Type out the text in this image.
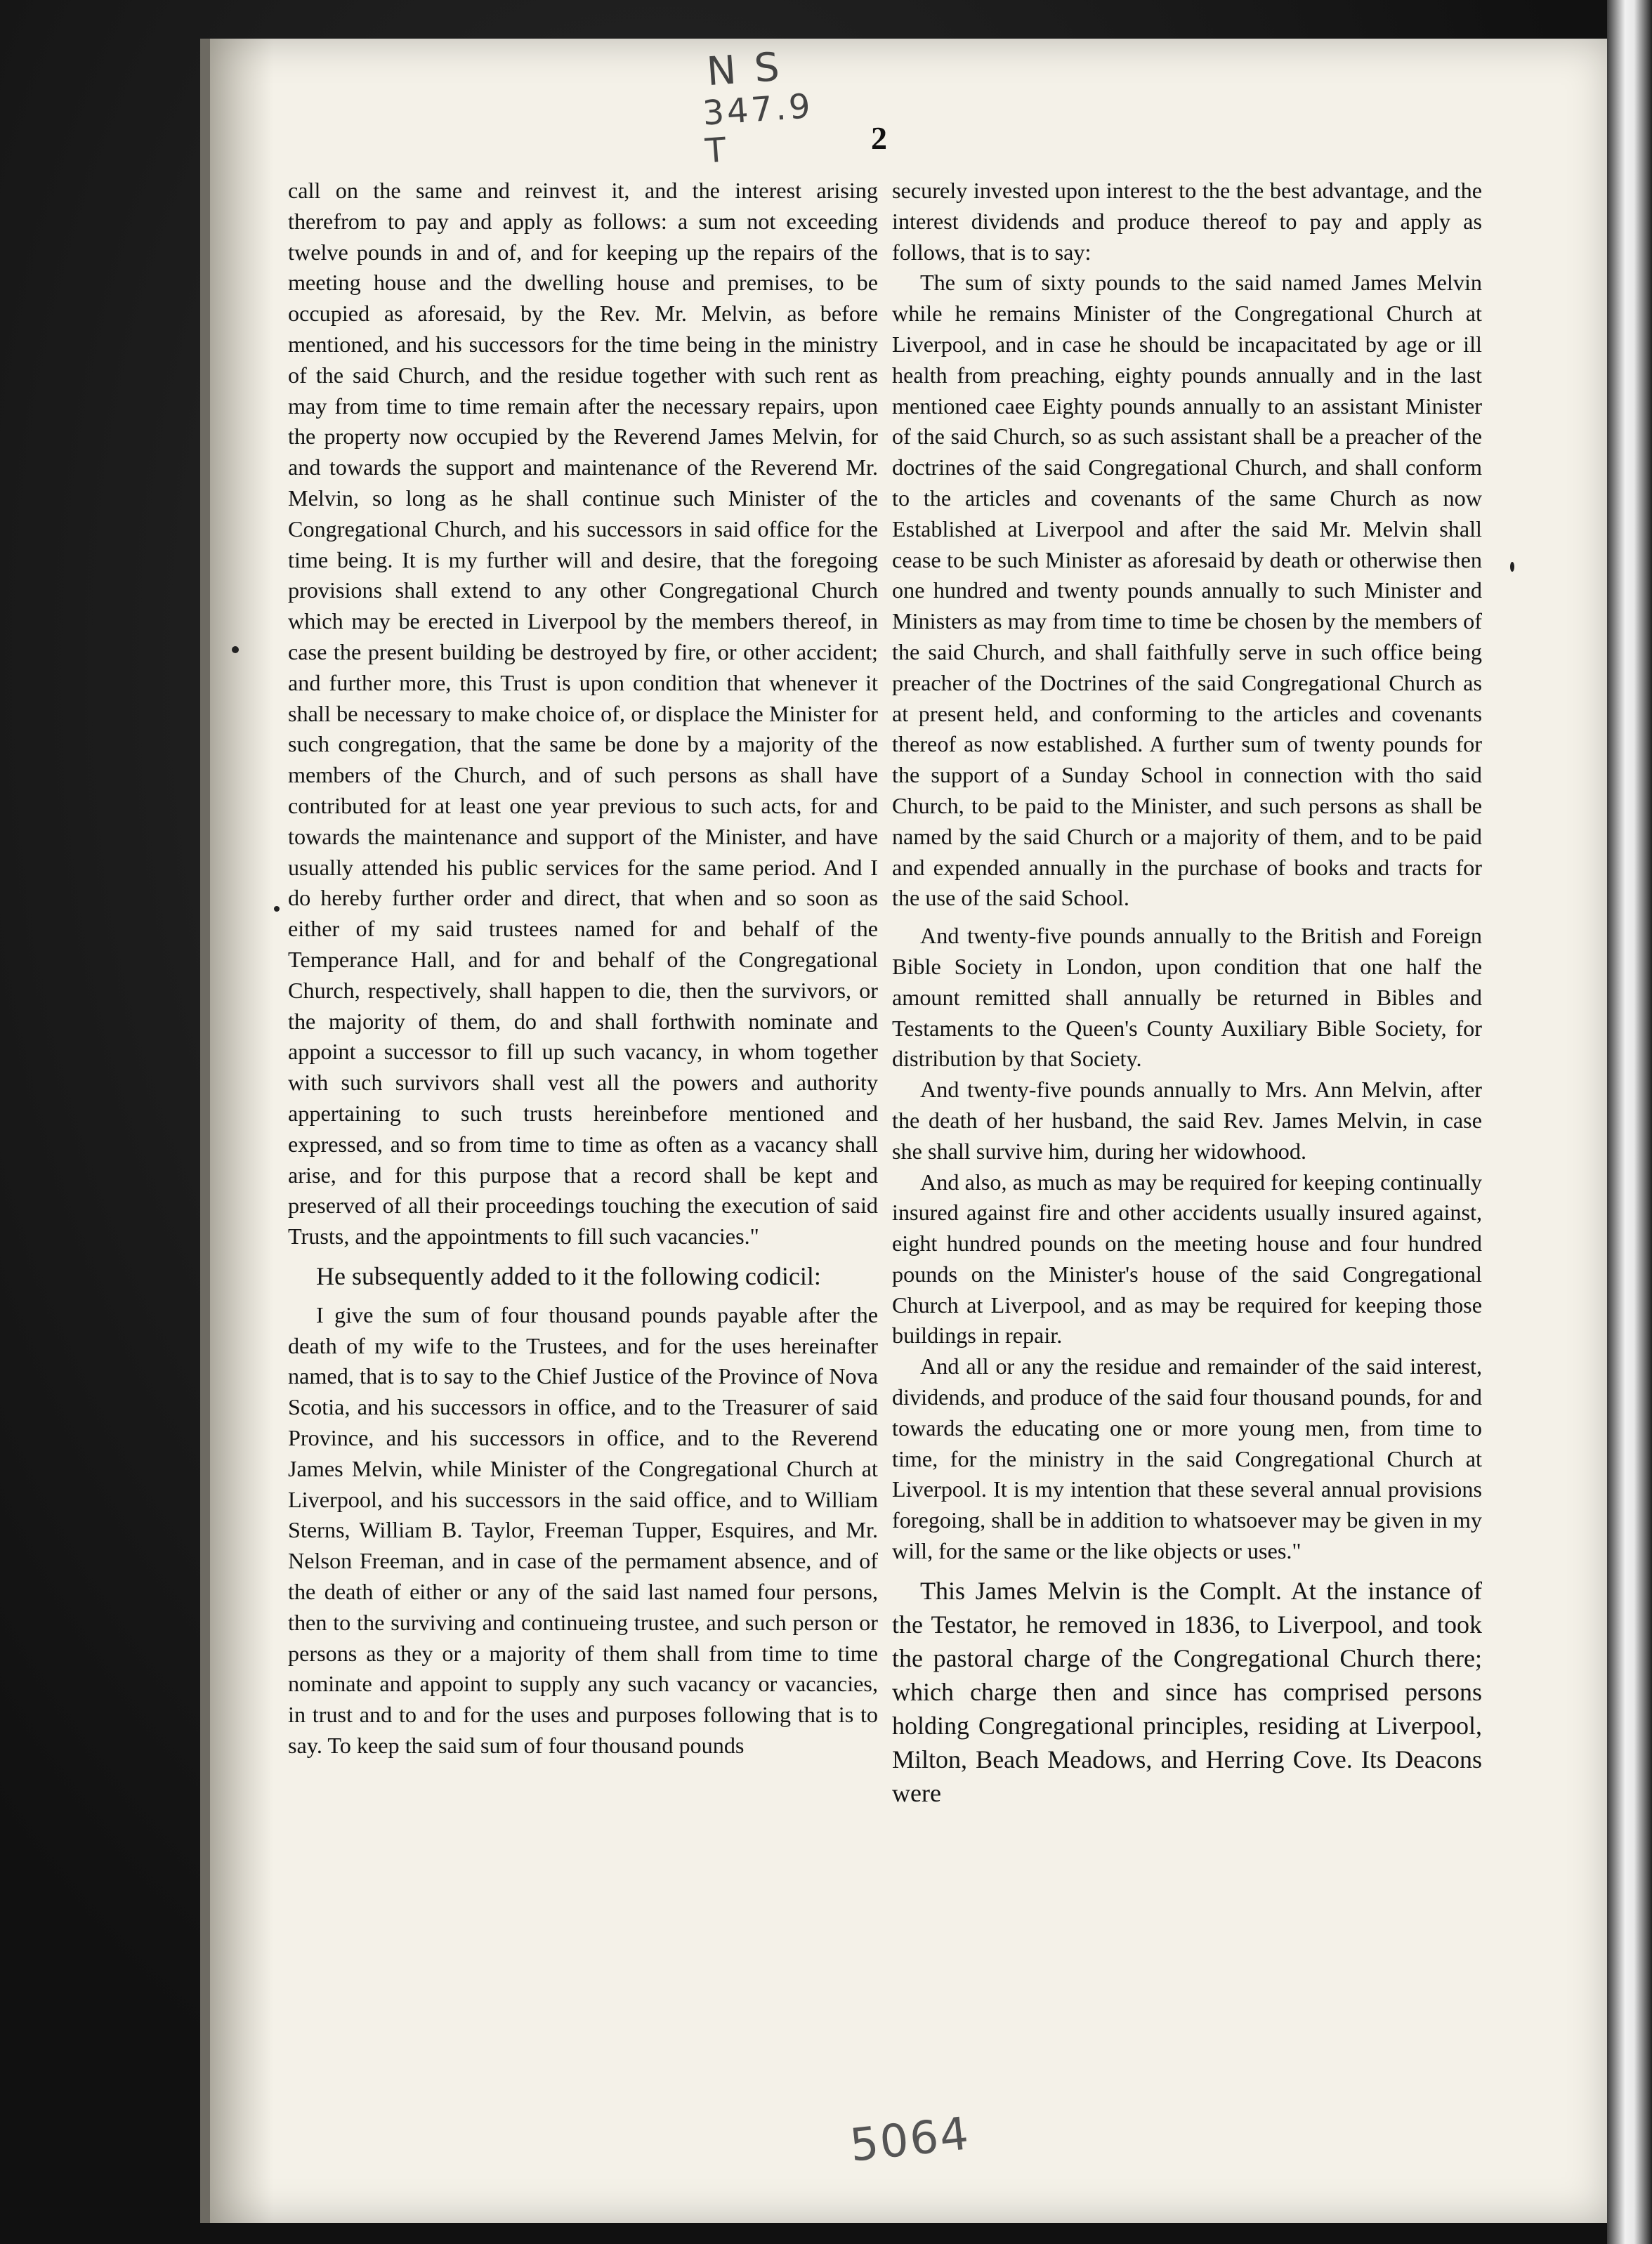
N S
347.9
T	2

call on the same and reinvest it, and the interest arising therefrom to pay and apply as follows: a sum not exceeding twelve pounds in and of, and for keeping up the repairs of the meeting house and the dwelling house and premises, to be occupied as aforesaid, by the Rev. Mr. Melvin, as before mentioned, and his successors for the time being in the ministry of the said Church, and the residue together with such rent as may from time to time remain after the necessary repairs, upon the property now occupied by the Reverend James Melvin, for and towards the support and maintenance of the Reverend Mr. Melvin, so long as he shall continue such Minister of the Congregational Church, and his successors in said office for the time being. It is my further will and desire, that the foregoing provisions shall extend to any other Congregational Church which may be erected in Liverpool by the members thereof, in case the present building be destroyed by fire, or other accident; and further more, this Trust is upon condition that whenever it shall be necessary to make choice of, or displace the Minister for such congregation, that the same be done by a majority of the members of the Church, and of such persons as shall have contributed for at least one year previous to such acts, for and towards the maintenance and support of the Minister, and have usually attended his public services for the same period. And I do hereby further order and direct, that when and so soon as either of my said trustees named for and behalf of the Temperance Hall, and for and behalf of the Congregational Church, respectively, shall happen to die, then the survivors, or the majority of them, do and shall forthwith nominate and appoint a successor to fill up such vacancy, in whom together with such survivors shall vest all the powers and authority appertaining to such trusts hereinbefore mentioned and expressed, and so from time to time as often as a vacancy shall arise, and for this purpose that a record shall be kept and preserved of all their proceedings touching the execution of said Trusts, and the appointments to fill such vacancies."

He subsequently added to it the following codicil:

I give the sum of four thousand pounds payable after the death of my wife to the Trustees, and for the uses hereinafter named, that is to say to the Chief Justice of the Province of Nova Scotia, and his successors in office, and to the Treasurer of said Province, and his successors in office, and to the Reverend James Melvin, while Minister of the Congregational Church at Liverpool, and his successors in the said office, and to William Sterns, William B. Taylor, Freeman Tupper, Esquires, and Mr. Nelson Freeman, and in case of the permament absence, and of the death of either or any of the said last named four persons, then to the surviving and continueing trustee, and such person or persons as they or a majority of them shall from time to time nominate and appoint to supply any such vacancy or vacancies, in trust and to and for the uses and purposes following that is to say. To keep the said sum of four thousand pounds

securely invested upon interest to the the best advantage, and the interest dividends and produce thereof to pay and apply as follows, that is to say:

The sum of sixty pounds to the said named James Melvin while he remains Minister of the Congregational Church at Liverpool, and in case he should be incapacitated by age or ill health from preaching, eighty pounds annually and in the last mentioned caee Eighty pounds annually to an assistant Minister of the said Church, so as such assistant shall be a preacher of the doctrines of the said Congregational Church, and shall conform to the articles and covenants of the same Church as now Established at Liverpool and after the said Mr. Melvin shall cease to be such Minister as aforesaid by death or otherwise then one hundred and twenty pounds annually to such Minister and Ministers as may from time to time be chosen by the members of the said Church, and shall faithfully serve in such office being preacher of the Doctrines of the said Congregational Church as at present held, and conforming to the articles and covenants thereof as now established. A further sum of twenty pounds for the support of a Sunday School in connection with tho said Church, to be paid to the Minister, and such persons as shall be named by the said Church or a majority of them, and to be paid and expended annually in the purchase of books and tracts for the use of the said School.

And twenty-five pounds annually to the British and Foreign Bible Society in London, upon condition that one half the amount remitted shall annually be returned in Bibles and Testaments to the Queen's County Auxiliary Bible Society, for distribution by that Society.

And twenty-five pounds annually to Mrs. Ann Melvin, after the death of her husband, the said Rev. James Melvin, in case she shall survive him, during her widowhood.

And also, as much as may be required for keeping continually insured against fire and other accidents usually insured against, eight hundred pounds on the meeting house and four hundred pounds on the Minister's house of the said Congregational Church at Liverpool, and as may be required for keeping those buildings in repair.

And all or any the residue and remainder of the said interest, dividends, and produce of the said four thousand pounds, for and towards the educating one or more young men, from time to time, for the ministry in the said Congregational Church at Liverpool. It is my intention that these several annual provisions foregoing, shall be in addition to whatsoever may be given in my will, for the same or the like objects or uses."

This James Melvin is the Complt. At the instance of the Testator, he removed in 1836, to Liverpool, and took the pastoral charge of the Congregational Church there; which charge then and since has comprised persons holding Congregational principles, residing at Liverpool, Milton, Beach Meadows, and Herring Cove. Its Deacons were

5064
